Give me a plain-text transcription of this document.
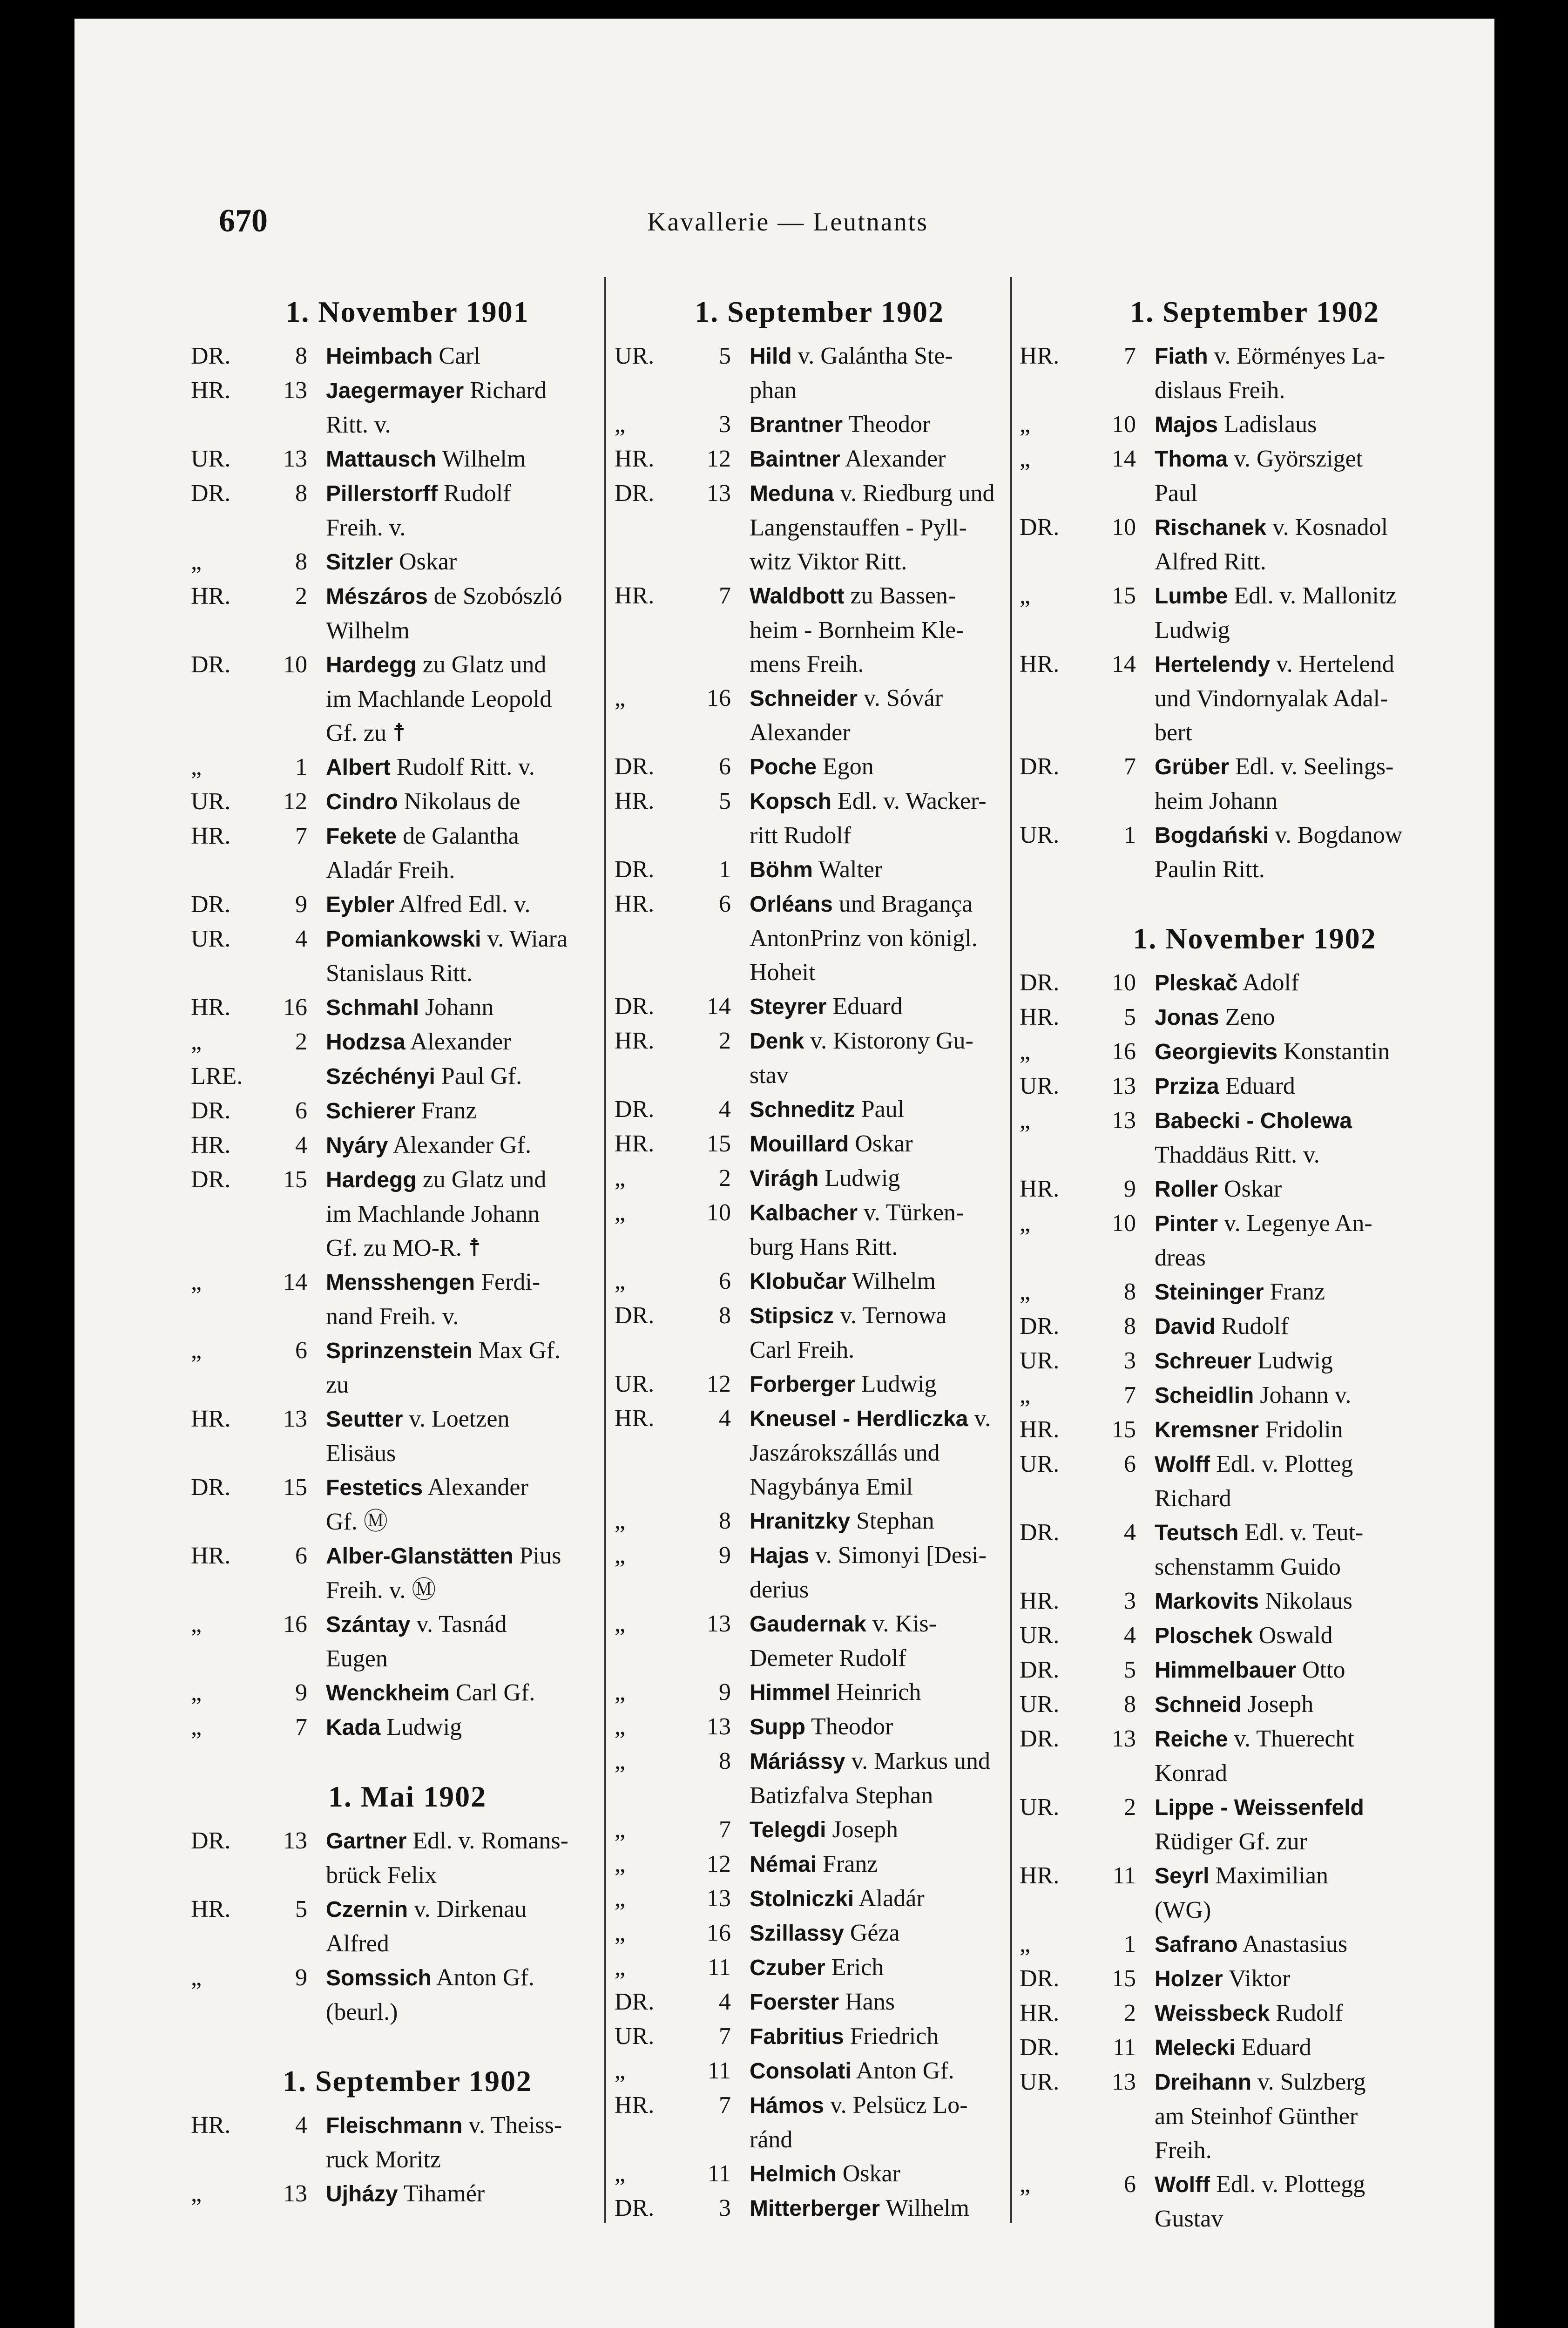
670	Kavallerie — Leutnants
1. November 1901
DR.	8 Heimbach Carl
HR.	13 Jaegermayer Richard
Ritt. v.
UR.	13 Mattausch Wilhelm
DR.	8 Pillerstorff Rudolf
Freih. v.
„	8 Sitzler Oskar
HR.	2 Mészáros de Szobószló
Wilhelm
DR.	10 Hardegg zu Glatz und
im Machlande Leopold
Gf. zu ☨
„	1 Albert Rudolf Ritt. v.
UR.	12 Cindro Nikolaus de
HR.	7 Fekete de Galantha
Aladár Freih.
DR.	9 Eybler Alfred Edl. v.
UR.	4 Pomiankowski v. Wiara
Stanislaus Ritt.
HR.	16 Schmahl Johann
„	2 Hodzsa Alexander
LRE.	Széchényi Paul Gf.
DR.	6 Schierer Franz
HR.	4 Nyáry Alexander Gf.
DR.	15 Hardegg zu Glatz und
im Machlande Johann
Gf. zu MO-R. ☨
„	14 Mensshengen Ferdi-
nand Freih. v.
„	6 Sprinzenstein Max Gf.
zu
HR.	13 Seutter v. Loetzen
Elisäus
DR.	15 Festetics Alexander
Gf. Ⓜ
HR.	6 Alber-Glanstätten Pius
Freih. v. Ⓜ
„	16 Szántay v. Tasnád
Eugen
„	9 Wenckheim Carl Gf.
„	7 Kada Ludwig
1. Mai 1902
DR.	13 Gartner Edl. v. Romans-
brück Felix
HR.	5 Czernin v. Dirkenau
Alfred
„	9 Somssich Anton Gf.
(beurl.)
1. September 1902
HR.	4 Fleischmann v. Theiss-
ruck Moritz
„	13 Ujházy Tihamér
1. September 1902
UR.	5 Hild v. Galántha Ste-
phan
„	3 Brantner Theodor
HR.	12 Baintner Alexander
DR.	13 Meduna v. Riedburg und
Langenstauffen - Pyll-
witz Viktor Ritt.
HR.	7 Waldbott zu Bassen-
heim - Bornheim Kle-
mens Freih.
„	16 Schneider v. Sóvár
Alexander
DR.	6 Poche Egon
HR.	5 Kopsch Edl. v. Wacker-
ritt Rudolf
DR.	1 Böhm Walter
HR.	6 Orléans und Bragança
AntonPrinz von königl.
Hoheit
DR.	14 Steyrer Eduard
HR.	2 Denk v. Kistorony Gu-
stav
DR.	4 Schneditz Paul
HR.	15 Mouillard Oskar
„	2 Virágh Ludwig
„	10 Kalbacher v. Türken-
burg Hans Ritt.
„	6 Klobučar Wilhelm
DR.	8 Stipsicz v. Ternowa
Carl Freih.
UR.	12 Forberger Ludwig
HR.	4 Kneusel - Herdliczka v.
Jaszárokszállás und
Nagybánya Emil
„	8 Hranitzky Stephan
„	9 Hajas v. Simonyi [Desi-
derius
„	13 Gaudernak v. Kis-
Demeter Rudolf
„	9 Himmel Heinrich
„	13 Supp Theodor
„	8 Máriássy v. Markus und
Batizfalva Stephan
„	7 Telegdi Joseph
„	12 Némai Franz
„	13 Stolniczki Aladár
„	16 Szillassy Géza
„	11 Czuber Erich
DR.	4 Foerster Hans
UR.	7 Fabritius Friedrich
„	11 Consolati Anton Gf.
HR.	7 Hámos v. Pelsücz Lo-
ránd
„	11 Helmich Oskar
DR.	3 Mitterberger Wilhelm
1. September 1902
HR.	7 Fiath v. Eörményes La-
dislaus Freih.
„	10 Majos Ladislaus
„	14 Thoma v. Györsziget
Paul
DR.	10 Rischanek v. Kosnadol
Alfred Ritt.
„	15 Lumbe Edl. v. Mallonitz
Ludwig
HR.	14 Hertelendy v. Hertelend
und Vindornyalak Adal-
bert
DR.	7 Grüber Edl. v. Seelings-
heim Johann
UR.	1 Bogdański v. Bogdanow
Paulin Ritt.
1. November 1902
DR.	10 Pleskač Adolf
HR.	5 Jonas Zeno
„	16 Georgievits Konstantin
UR.	13 Prziza Eduard
„	13 Babecki - Cholewa
Thaddäus Ritt. v.
HR.	9 Roller Oskar
„	10 Pinter v. Legenye An-
dreas
„	8 Steininger Franz
DR.	8 David Rudolf
UR.	3 Schreuer Ludwig
„	7 Scheidlin Johann v.
HR.	15 Kremsner Fridolin
UR.	6 Wolff Edl. v. Plotteg
Richard
DR.	4 Teutsch Edl. v. Teut-
schenstamm Guido
HR.	3 Markovits Nikolaus
UR.	4 Ploschek Oswald
DR.	5 Himmelbauer Otto
UR.	8 Schneid Joseph
DR.	13 Reiche v. Thuerecht
Konrad
UR.	2 Lippe - Weissenfeld
Rüdiger Gf. zur
HR.	11 Seyrl Maximilian
(WG)
„	1 Safrano Anastasius
DR.	15 Holzer Viktor
HR.	2 Weissbeck Rudolf
DR.	11 Melecki Eduard
UR.	13 Dreihann v. Sulzberg
am Steinhof Günther
Freih.
„	6 Wolff Edl. v. Plottegg
Gustav
